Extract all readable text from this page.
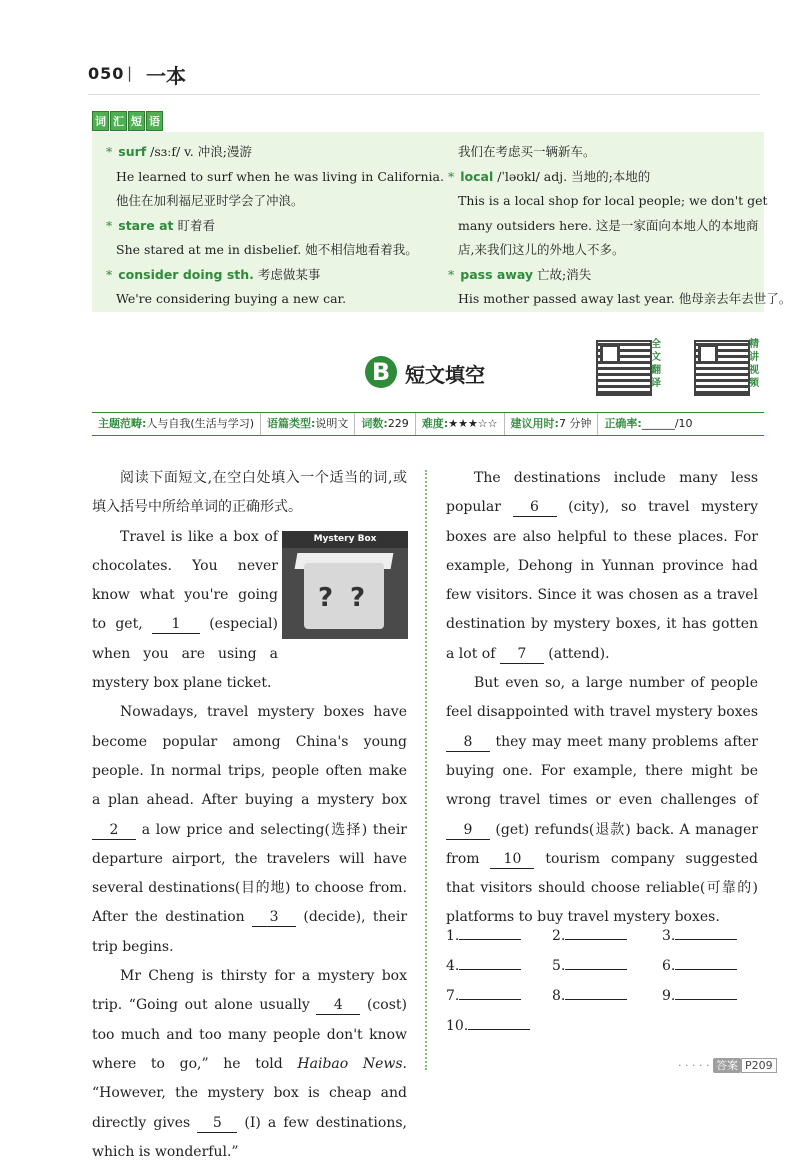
050 | 一本
词 汇 短 语
* surf /sɜːf/ v. 冲浪;漫游
He learned to surf when he was living in California.
他住在加利福尼亚时学会了冲浪。
* stare at 盯着看
She stared at me in disbelief. 她不相信地看着我。
* consider doing sth. 考虑做某事
We're considering buying a new car.
我们在考虑买一辆新车。
* local /ˈləʊkl/ adj. 当地的;本地的
This is a local shop for local people; we don't get
many outsiders here. 这是一家面向本地人的本地商
店,来我们这儿的外地人不多。
* pass away 亡故;消失
His mother passed away last year. 他母亲去年去世了。
B 短文填空
全
文
翻
译
精
讲
视
频
主题范畴:人与自我(生活与学习)	语篇类型:说明文	词数:229	难度:★★★☆☆	建议用时:7 分钟	正确率:______/10
Mystery Box
? ?
阅读下面短文,在空白处填入一个适当的词,或填入括号中所给单词的正确形式。
Travel is like a box of chocolates. You never know what you're going to get, 1 (especial) when you are using a mystery box plane ticket.
Nowadays, travel mystery boxes have become popular among China's young people. In normal trips, people often make a plan ahead. After buying a mystery box 2 a low price and selecting(选择) their departure airport, the travelers will have several destinations(目的地) to choose from. After the destination 3 (decide), their trip begins.
Mr Cheng is thirsty for a mystery box trip. “Going out alone usually 4 (cost) too much and too many people don't know where to go,” he told Haibao News. “However, the mystery box is cheap and directly gives 5 (I) a few destinations, which is wonderful.”
The destinations include many less popular 6 (city), so travel mystery boxes are also helpful to these places. For example, Dehong in Yunnan province had few visitors. Since it was chosen as a travel destination by mystery boxes, it has gotten a lot of 7 (attend).
But even so, a large number of people feel disappointed with travel mystery boxes 8 they may meet many problems after buying one. For example, there might be wrong travel times or even challenges of 9 (get) refunds(退款) back. A manager from 10 tourism company suggested that visitors should choose reliable(可靠的) platforms to buy travel mystery boxes.
1.	2.	3.
4.	5.	6.
7.	8.	9.
10.
· · · · · 答案 P209
